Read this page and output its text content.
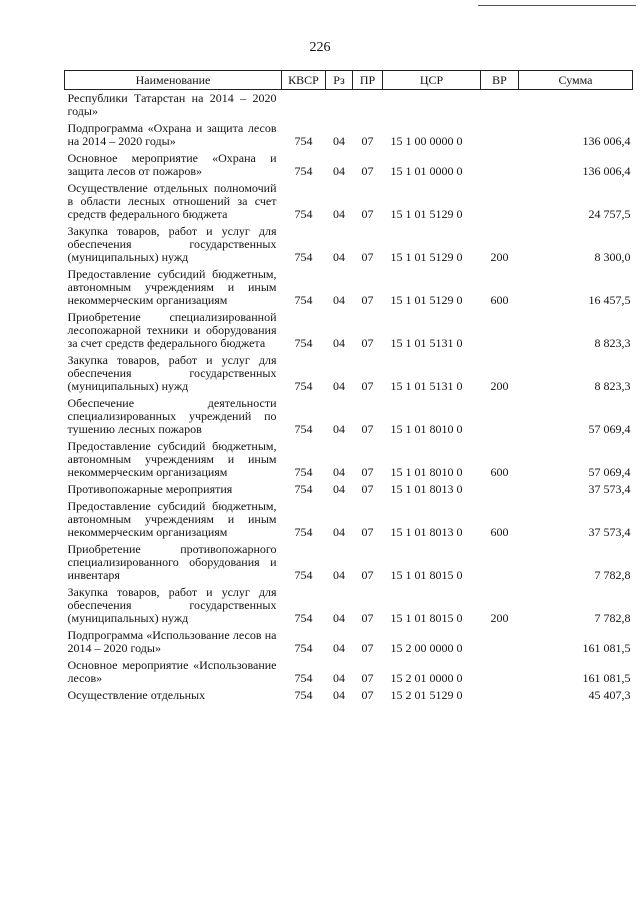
226
Наименование	КВСР	Рз	ПР	ЦСР	ВР	Сумма
Республики Татарстан на 2014 – 2020 годы»						
Подпрограмма «Охрана и защита лесов на 2014 – 2020 годы»	754	04	07	15 1 00 0000 0		136 006,4
Основное мероприятие «Охрана и защита лесов от пожаров»	754	04	07	15 1 01 0000 0		136 006,4
Осуществление отдельных полномочий в области лесных отношений за счет средств федерального бюджета	754	04	07	15 1 01 5129 0		24 757,5
Закупка товаров, работ и услуг для обеспечения государственных (муниципальных) нужд	754	04	07	15 1 01 5129 0	200	8 300,0
Предоставление субсидий бюджетным, автономным учреждениям и иным некоммерческим организациям	754	04	07	15 1 01 5129 0	600	16 457,5
Приобретение специализированной лесопожарной техники и оборудования за счет средств федерального бюджета	754	04	07	15 1 01 5131 0		8 823,3
Закупка товаров, работ и услуг для обеспечения государственных (муниципальных) нужд	754	04	07	15 1 01 5131 0	200	8 823,3
Обеспечение деятельности специализированных учреждений по тушению лесных пожаров	754	04	07	15 1 01 8010 0		57 069,4
Предоставление субсидий бюджетным, автономным учреждениям и иным некоммерческим организациям	754	04	07	15 1 01 8010 0	600	57 069,4
Противопожарные мероприятия	754	04	07	15 1 01 8013 0		37 573,4
Предоставление субсидий бюджетным, автономным учреждениям и иным некоммерческим организациям	754	04	07	15 1 01 8013 0	600	37 573,4
Приобретение противопожарного специализированного оборудования и инвентаря	754	04	07	15 1 01 8015 0		7 782,8
Закупка товаров, работ и услуг для обеспечения государственных (муниципальных) нужд	754	04	07	15 1 01 8015 0	200	7 782,8
Подпрограмма «Использование лесов на 2014 – 2020 годы»	754	04	07	15 2 00 0000 0		161 081,5
Основное мероприятие «Использование лесов»	754	04	07	15 2 01 0000 0		161 081,5
Осуществление отдельных	754	04	07	15 2 01 5129 0		45 407,3
